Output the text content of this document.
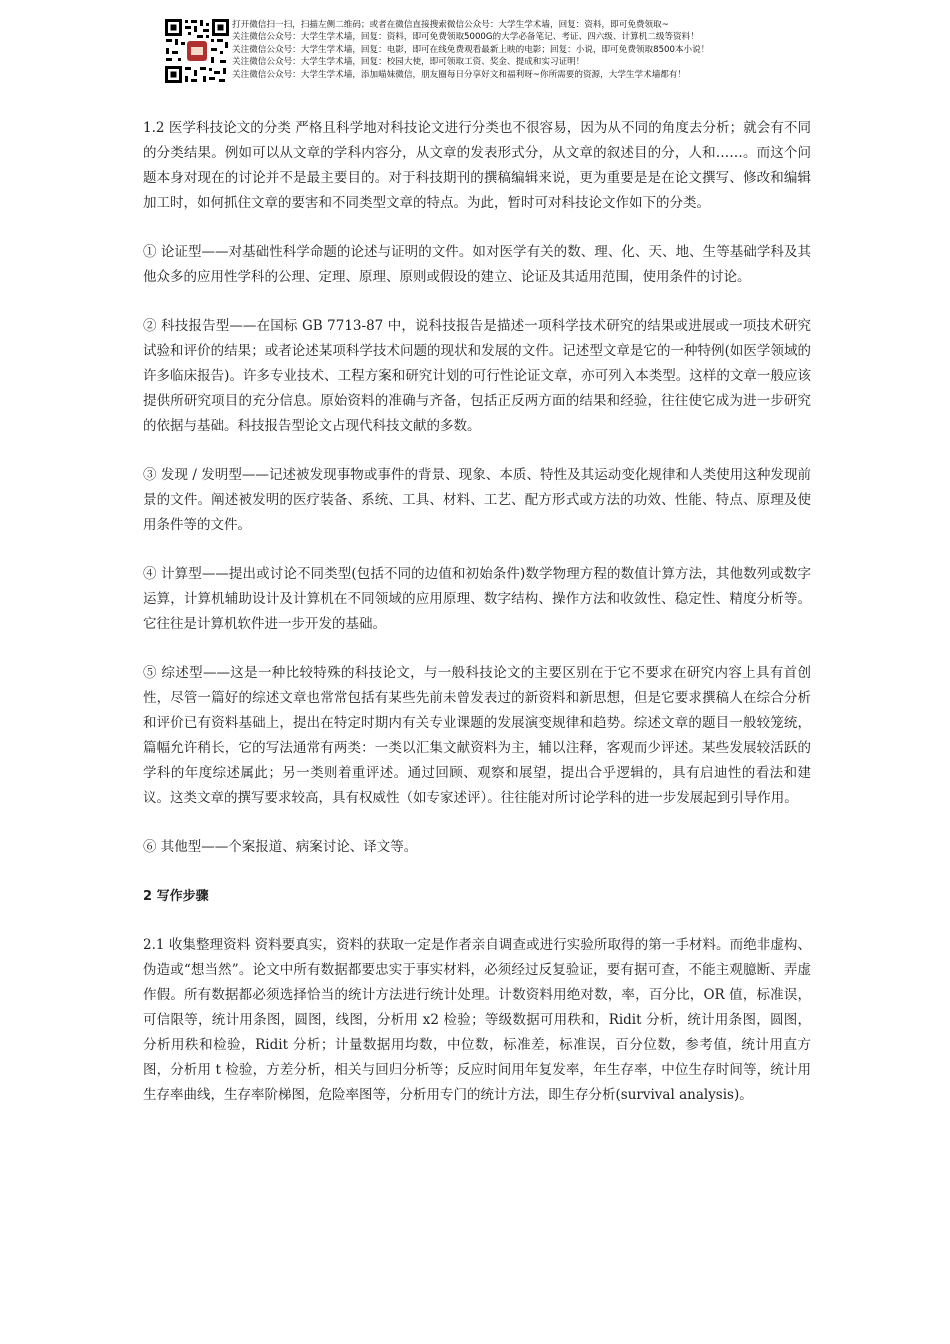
打开微信扫一扫，扫描左侧二维码；或者在微信直接搜索微信公众号：大学生学术墙，回复：资料，即可免费领取~
关注微信公众号：大学生学术墙，回复：资料，即可免费领取5000G的大学必备笔记、考证、四六级、计算机二级等资料！
关注微信公众号：大学生学术墙，回复：电影，即可在线免费观看最新上映的电影；回复：小说，即可免费领取8500本小说！
关注微信公众号：大学生学术墙，回复：校园大使，即可领取工资、奖金、提成和实习证明！
关注微信公众号：大学生学术墙，添加喵妹微信，朋友圈每日分享好文和福利呀~你所需要的资源，大学生学术墙都有！

1.2 医学科技论文的分类 严格且科学地对科技论文进行分类也不很容易，因为从不同的角度去分析；就会有不同的分类结果。例如可以从文章的学科内容分，从文章的发表形式分，从文章的叙述目的分，人和……。而这个问题本身对现在的讨论并不是最主要目的。对于科技期刊的撰稿编辑来说，更为重要是是在论文撰写、修改和编辑加工时，如何抓住文章的要害和不同类型文章的特点。为此，暂时可对科技论文作如下的分类。

① 论证型——对基础性科学命题的论述与证明的文件。如对医学有关的数、理、化、天、地、生等基础学科及其他众多的应用性学科的公理、定理、原理、原则或假设的建立、论证及其适用范围，使用条件的讨论。

② 科技报告型——在国标 GB 7713-87 中，说科技报告是描述一项科学技术研究的结果或进展或一项技术研究试验和评价的结果；或者论述某项科学技术问题的现状和发展的文件。记述型文章是它的一种特例(如医学领域的许多临床报告)。许多专业技术、工程方案和研究计划的可行性论证文章，亦可列入本类型。这样的文章一般应该提供所研究项目的充分信息。原始资料的准确与齐备，包括正反两方面的结果和经验，往往使它成为进一步研究的依据与基础。科技报告型论文占现代科技文献的多数。

③ 发现 / 发明型——记述被发现事物或事件的背景、现象、本质、特性及其运动变化规律和人类使用这种发现前景的文件。阐述被发明的医疗装备、系统、工具、材料、工艺、配方形式或方法的功效、性能、特点、原理及使用条件等的文件。

④ 计算型——提出或讨论不同类型(包括不同的边值和初始条件)数学物理方程的数值计算方法，其他数列或数字运算，计算机辅助设计及计算机在不同领域的应用原理、数字结构、操作方法和收敛性、稳定性、精度分析等。它往往是计算机软件进一步开发的基础。

⑤ 综述型——这是一种比较特殊的科技论文，与一般科技论文的主要区别在于它不要求在研究内容上具有首创性，尽管一篇好的综述文章也常常包括有某些先前未曾发表过的新资料和新思想，但是它要求撰稿人在综合分析和评价已有资料基础上，提出在特定时期内有关专业课题的发展演变规律和趋势。综述文章的题目一般较笼统，篇幅允许稍长，它的写法通常有两类：一类以汇集文献资料为主，辅以注释，客观而少评述。某些发展较活跃的学科的年度综述属此；另一类则着重评述。通过回顾、观察和展望，提出合乎逻辑的，具有启迪性的看法和建议。这类文章的撰写要求较高，具有权威性（如专家述评）。往往能对所讨论学科的进一步发展起到引导作用。

⑥ 其他型——个案报道、病案讨论、译文等。

2 写作步骤

2.1 收集整理资料 资料要真实，资料的获取一定是作者亲自调查或进行实验所取得的第一手材料。而绝非虚构、伪造或“想当然”。论文中所有数据都要忠实于事实材料，必须经过反复验证，要有据可查，不能主观臆断、弄虚作假。所有数据都必须选择恰当的统计方法进行统计处理。计数资料用绝对数，率，百分比，OR 值，标准误，可信限等，统计用条图，圆图，线图，分析用 x2 检验；等级数据可用秩和，Ridit 分析，统计用条图，圆图，分析用秩和检验，Ridit 分析；计量数据用均数，中位数，标准差，标准误，百分位数，参考值，统计用直方图，分析用 t 检验，方差分析，相关与回归分析等；反应时间用年复发率，年生存率，中位生存时间等，统计用生存率曲线，生存率阶梯图，危险率图等，分析用专门的统计方法，即生存分析(survival analysis)。
